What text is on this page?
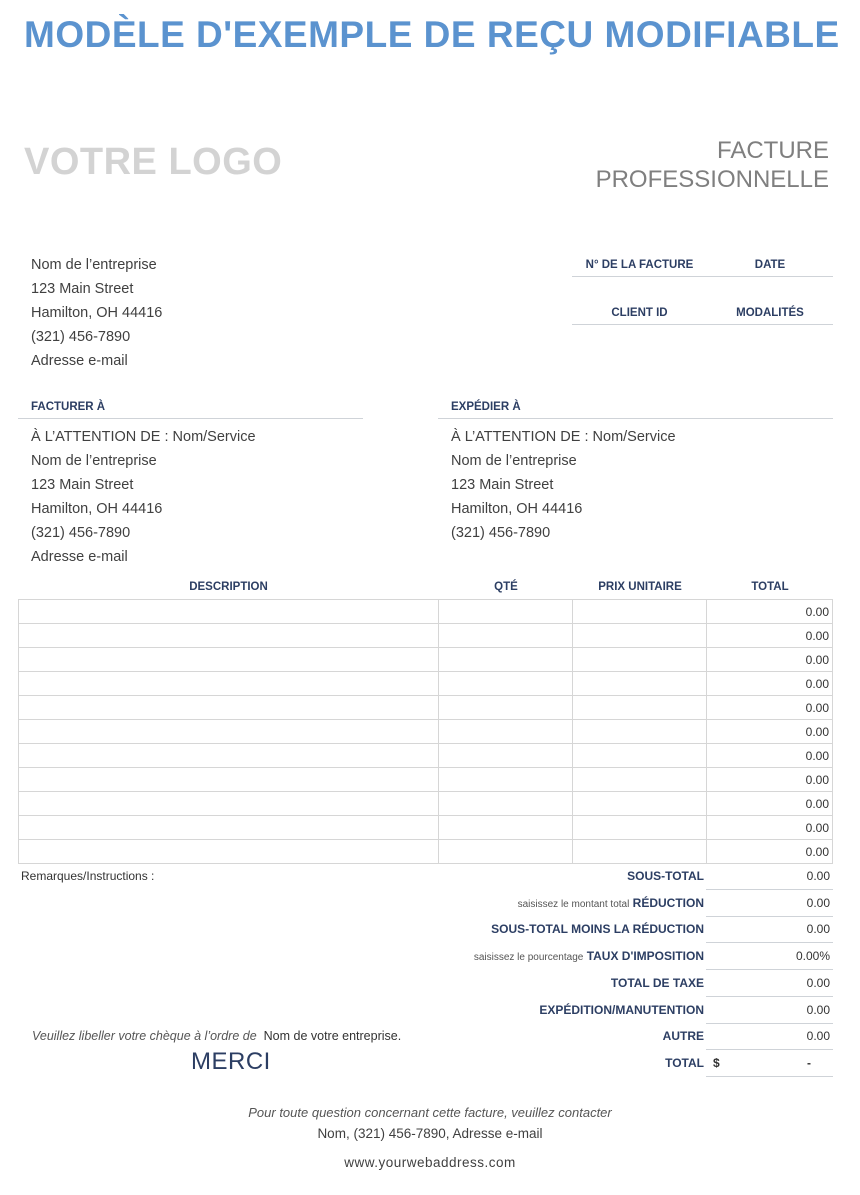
MODÈLE D'EXEMPLE DE REÇU MODIFIABLE
VOTRE LOGO	FACTURE
PROFESSIONNELLE
Nom de l’entreprise
123 Main Street
Hamilton, OH 44416
(321) 456-7890
Adresse e-mail
N° DE LA FACTURE	DATE
CLIENT ID	MODALITÉS
FACTURER À
À L’ATTENTION DE : Nom/Service
Nom de l’entreprise
123 Main Street
Hamilton, OH 44416
(321) 456-7890
Adresse e-mail
EXPÉDIER À
À L’ATTENTION DE : Nom/Service
Nom de l’entreprise
123 Main Street
Hamilton, OH 44416
(321) 456-7890
DESCRIPTION	QTÉ	PRIX UNITAIRE	TOTAL
			0.00
			0.00
			0.00
			0.00
			0.00
			0.00
			0.00
			0.00
			0.00
			0.00
			0.00
Remarques/Instructions :	SOUS-TOTAL	0.00
saisissez le montant total RÉDUCTION	0.00
SOUS-TOTAL MOINS LA RÉDUCTION	0.00
saisissez le pourcentage TAUX D'IMPOSITION	0.00%
TOTAL DE TAXE	0.00
EXPÉDITION/MANUTENTION	0.00
AUTRE	0.00
TOTAL $	-
Veuillez libeller votre chèque à l’ordre de Nom de votre entreprise.
MERCI
Pour toute question concernant cette facture, veuillez contacter
Nom, (321) 456-7890, Adresse e-mail
www.yourwebaddress.com
